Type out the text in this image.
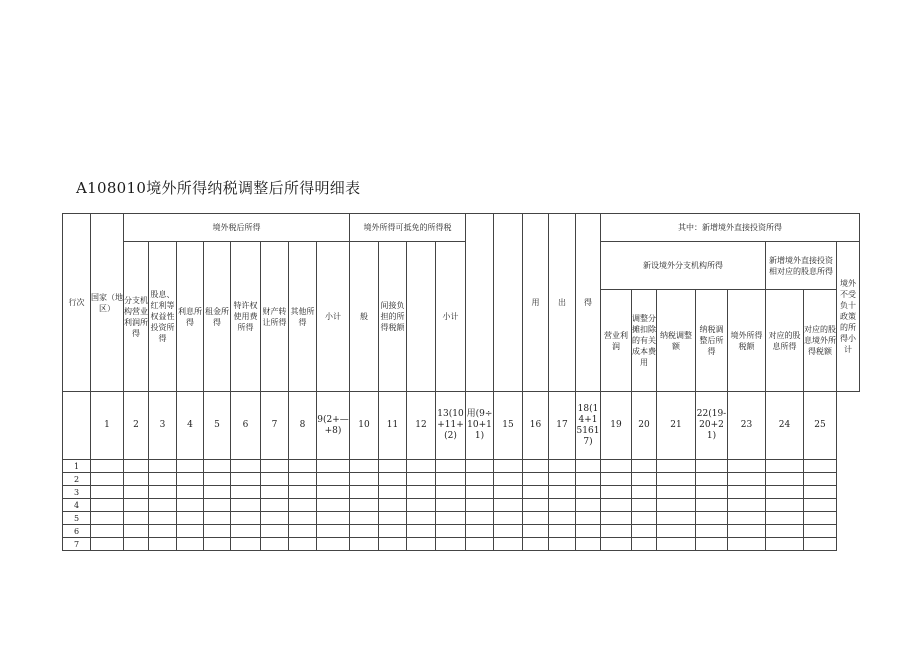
A108010境外所得纳税调整后所得明细表
行次	国家（地区）	境外税后所得								境外所得可抵免的所得税						用	出	得	其中：新增境外直接投资所得							
		分支机构营业利润所得	股息、红利等权益性投资所得	利息所得	租金所得	特许权使用费所得	财产转让所得	其他所得	小计	般	间接负担的所得税额		小计						新设境外分支机构所得					新增境外直接投资相对应的股息所得		境外不受负十政策的所得小计
																			营业利润	调整分摊扣除的有关成本费用	纳税调整额	纳税调整后所得	境外所得税额	对应的股息所得	对应的股息境外所得税额	
	1	2	3	4	5	6	7	8	9(2+—+8)	10	11	12	13(10+11+(2)	用(9÷10+11)	15	16	17	18(14+151617)	19	20	21	22(19-20+21)	23	24	25	
1																										
2																										
3																										
4																										
5																										
6																										
7																										
